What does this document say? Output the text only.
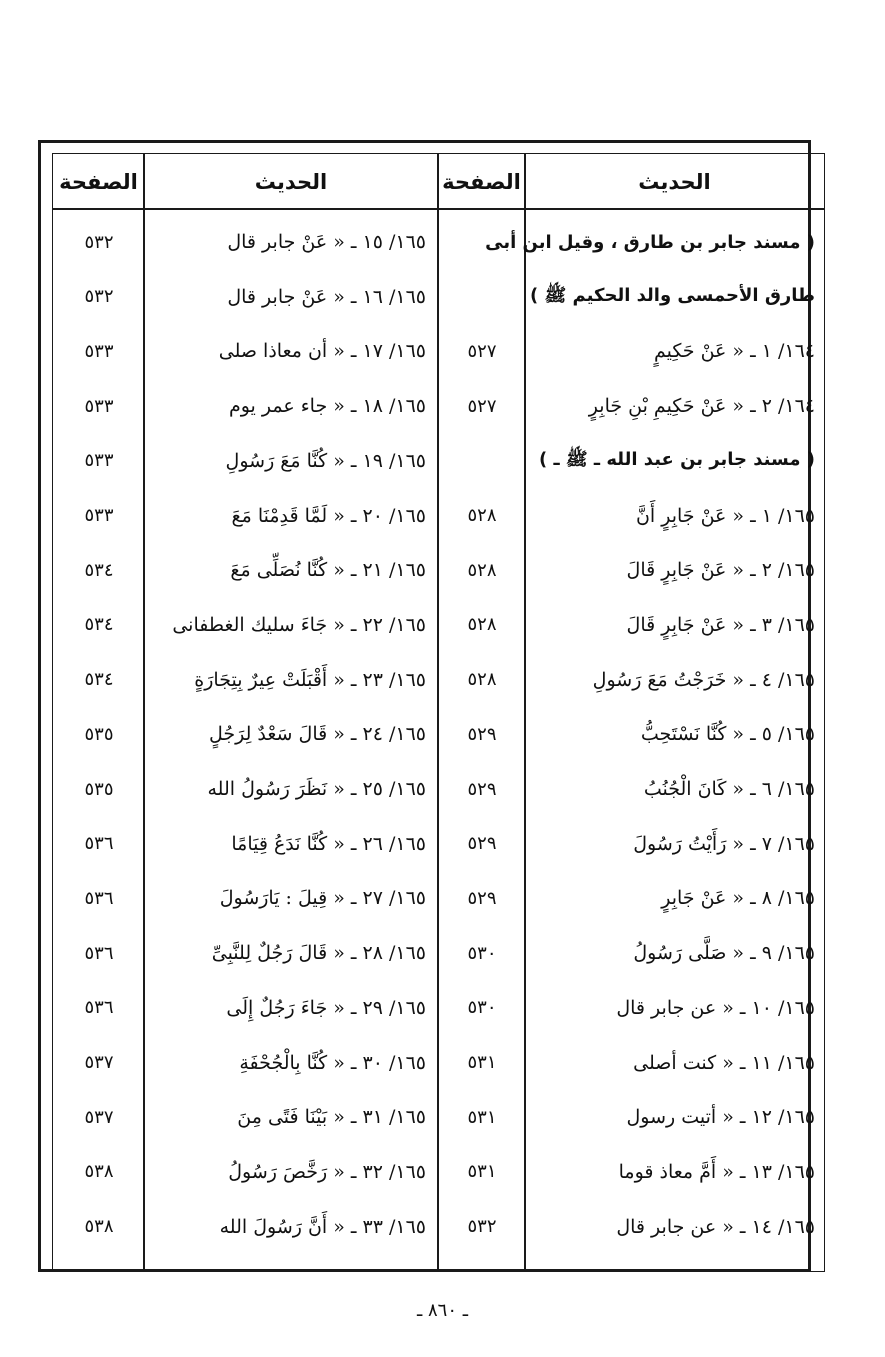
الحديث
الصفحة
الحديث
الصفحة
( مسند جابر بن طارق ، وقيل ابن أبى
طارق الأحمسى والد الحكيم ﷺ )
١٦٤/ ١ ـ « عَنْ حَكِيمٍ
٥٢٧
١٦٤/ ٢ ـ « عَنْ حَكِيمِ بْنِ جَابِرٍ
٥٢٧
( مسند جابر بن عبد الله ـ ﷺ ـ )
١٦٥/ ١ ـ « عَنْ جَابِرٍ أَنَّ
٥٢٨
١٦٥/ ٢ ـ « عَنْ جَابِرٍ قَالَ
٥٢٨
١٦٥/ ٣ ـ « عَنْ جَابِرٍ قَالَ
٥٢٨
١٦٥/ ٤ ـ « خَرَجْتُ مَعَ رَسُولِ
٥٢٨
١٦٥/ ٥ ـ « كُنَّا نَسْتَحِبُّ
٥٢٩
١٦٥/ ٦ ـ « كَانَ الْجُنُبُ
٥٢٩
١٦٥/ ٧ ـ « رَأَيْتُ رَسُولَ
٥٢٩
١٦٥/ ٨ ـ « عَنْ جَابِرٍ
٥٢٩
١٦٥/ ٩ ـ « صَلَّى رَسُولُ
٥٣٠
١٦٥/ ١٠ ـ « عن جابر قال
٥٣٠
١٦٥/ ١١ ـ « كنت أصلى
٥٣١
١٦٥/ ١٢ ـ « أتيت رسول
٥٣١
١٦٥/ ١٣ ـ « أَمَّ معاذ قوما
٥٣١
١٦٥/ ١٤ ـ « عن جابر قال
٥٣٢
١٦٥/ ١٥ ـ « عَنْ جابر قال
٥٣٢
١٦٥/ ١٦ ـ « عَنْ جابر قال
٥٣٢
١٦٥/ ١٧ ـ « أن معاذا صلى
٥٣٣
١٦٥/ ١٨ ـ « جاء عمر يوم
٥٣٣
١٦٥/ ١٩ ـ « كُنَّا مَعَ رَسُولِ
٥٣٣
١٦٥/ ٢٠ ـ « لَمَّا قَدِمْنَا مَعَ
٥٣٣
١٦٥/ ٢١ ـ « كُنَّا نُصَلِّى مَعَ
٥٣٤
١٦٥/ ٢٢ ـ « جَاءَ سليك الغطفانى
٥٣٤
١٦٥/ ٢٣ ـ « أَقْبَلَتْ عِيرٌ بِتِجَارَةٍ
٥٣٤
١٦٥/ ٢٤ ـ « قَالَ سَعْدٌ لِرَجُلٍ
٥٣٥
١٦٥/ ٢٥ ـ « نَظَرَ رَسُولُ الله
٥٣٥
١٦٥/ ٢٦ ـ « كُنَّا نَدَعُ قِيَامًا
٥٣٦
١٦٥/ ٢٧ ـ « قِيلَ : يَارَسُولَ
٥٣٦
١٦٥/ ٢٨ ـ « قَالَ رَجُلٌ لِلنَّبِىِّ
٥٣٦
١٦٥/ ٢٩ ـ « جَاءَ رَجُلٌ إِلَى
٥٣٦
١٦٥/ ٣٠ ـ « كُنَّا بِالْجُحْفَةِ
٥٣٧
١٦٥/ ٣١ ـ « بَيْنَا فَتًى مِنَ
٥٣٧
١٦٥/ ٣٢ ـ « رَخَّصَ رَسُولُ
٥٣٨
١٦٥/ ٣٣ ـ « أَنَّ رَسُولَ الله
٥٣٨
ـ ٨٦٠ ـ
